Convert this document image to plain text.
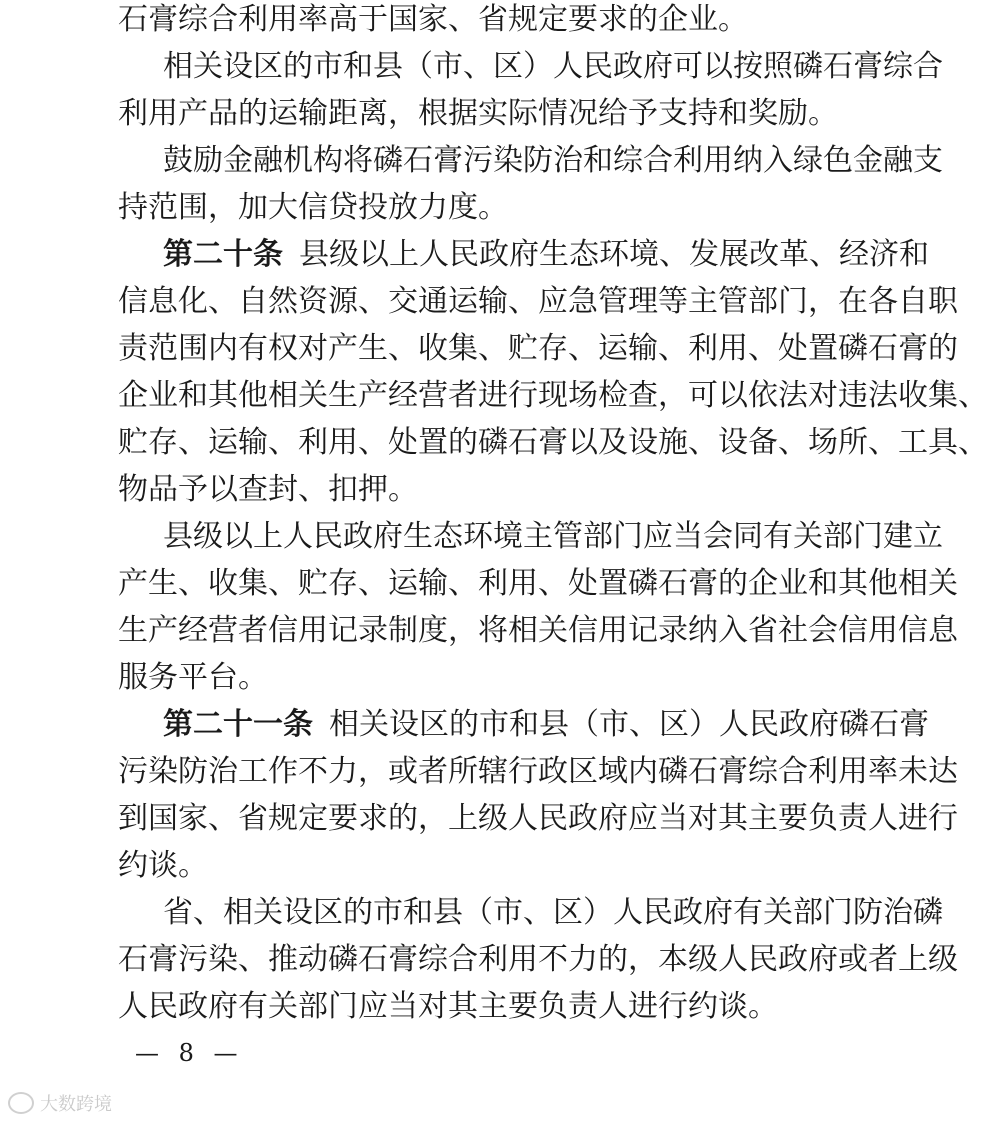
石膏综合利用率高于国家、省规定要求的企业。
相关设区的市和县（市、区）人民政府可以按照磷石膏综合
利用产品的运输距离，根据实际情况给予支持和奖励。
鼓励金融机构将磷石膏污染防治和综合利用纳入绿色金融支
持范围，加大信贷投放力度。
第二十条 县级以上人民政府生态环境、发展改革、经济和
信息化、自然资源、交通运输、应急管理等主管部门，在各自职
责范围内有权对产生、收集、贮存、运输、利用、处置磷石膏的
企业和其他相关生产经营者进行现场检查，可以依法对违法收集、
贮存、运输、利用、处置的磷石膏以及设施、设备、场所、工具、
物品予以查封、扣押。
县级以上人民政府生态环境主管部门应当会同有关部门建立
产生、收集、贮存、运输、利用、处置磷石膏的企业和其他相关
生产经营者信用记录制度，将相关信用记录纳入省社会信用信息
服务平台。
第二十一条 相关设区的市和县（市、区）人民政府磷石膏
污染防治工作不力，或者所辖行政区域内磷石膏综合利用率未达
到国家、省规定要求的，上级人民政府应当对其主要负责人进行
约谈。
省、相关设区的市和县（市、区）人民政府有关部门防治磷
石膏污染、推动磷石膏综合利用不力的，本级人民政府或者上级
人民政府有关部门应当对其主要负责人进行约谈。
— 8 —
大数跨境
